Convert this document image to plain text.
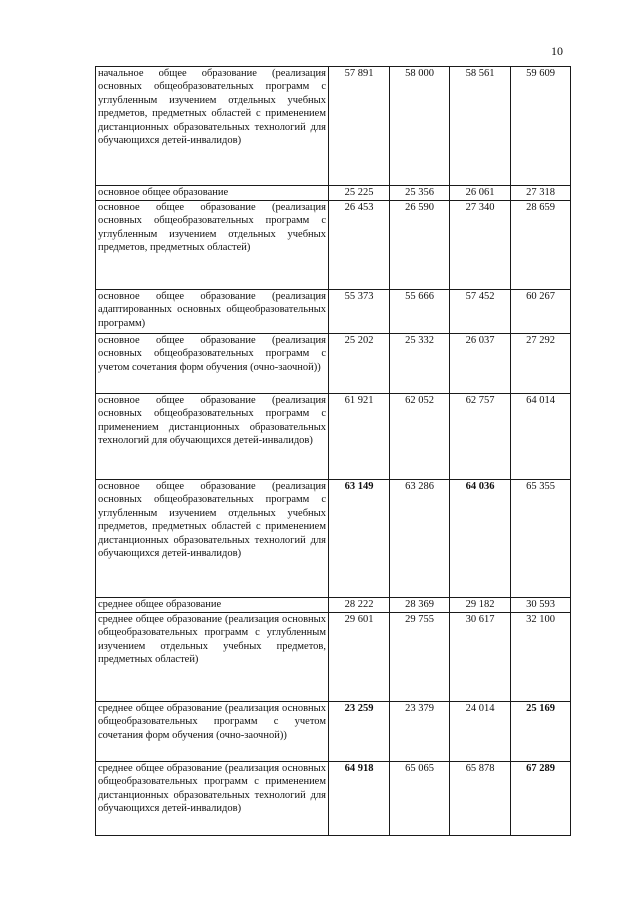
10
начальное общее образование (реализация основных общеобразовательных программ с углубленным изучением отдельных учебных предметов, предметных областей с применением дистанционных образовательных технологий для обучающихся детей-инвалидов)	57 891	58 000	58 561	59 609
основное общее образование	25 225	25 356	26 061	27 318
основное общее образование (реализация основных общеобразовательных программ с углубленным изучением отдельных учебных предметов, предметных областей)	26 453	26 590	27 340	28 659
основное общее образование (реализация адаптированных основных общеобразовательных программ)	55 373	55 666	57 452	60 267
основное общее образование (реализация основных общеобразовательных программ с учетом сочетания форм обучения (очно-заочной))	25 202	25 332	26 037	27 292
основное общее образование (реализация основных общеобразовательных программ с применением дистанционных образовательных технологий для обучающихся детей-инвалидов)	61 921	62 052	62 757	64 014
основное общее образование (реализация основных общеобразовательных программ с углубленным изучением отдельных учебных предметов, предметных областей с применением дистанционных образовательных технологий для обучающихся детей-инвалидов)	63 149	63 286	64 036	65 355
среднее общее образование	28 222	28 369	29 182	30 593
среднее общее образование (реализация основных общеобразовательных программ с углубленным изучением отдельных учебных предметов, предметных областей)	29 601	29 755	30 617	32 100
среднее общее образование (реализация основных общеобразовательных программ с учетом сочетания форм обучения (очно-заочной))	23 259	23 379	24 014	25 169
среднее общее образование (реализация основных общеобразовательных программ с применением дистанционных образовательных технологий для обучающихся детей-инвалидов)	64 918	65 065	65 878	67 289
